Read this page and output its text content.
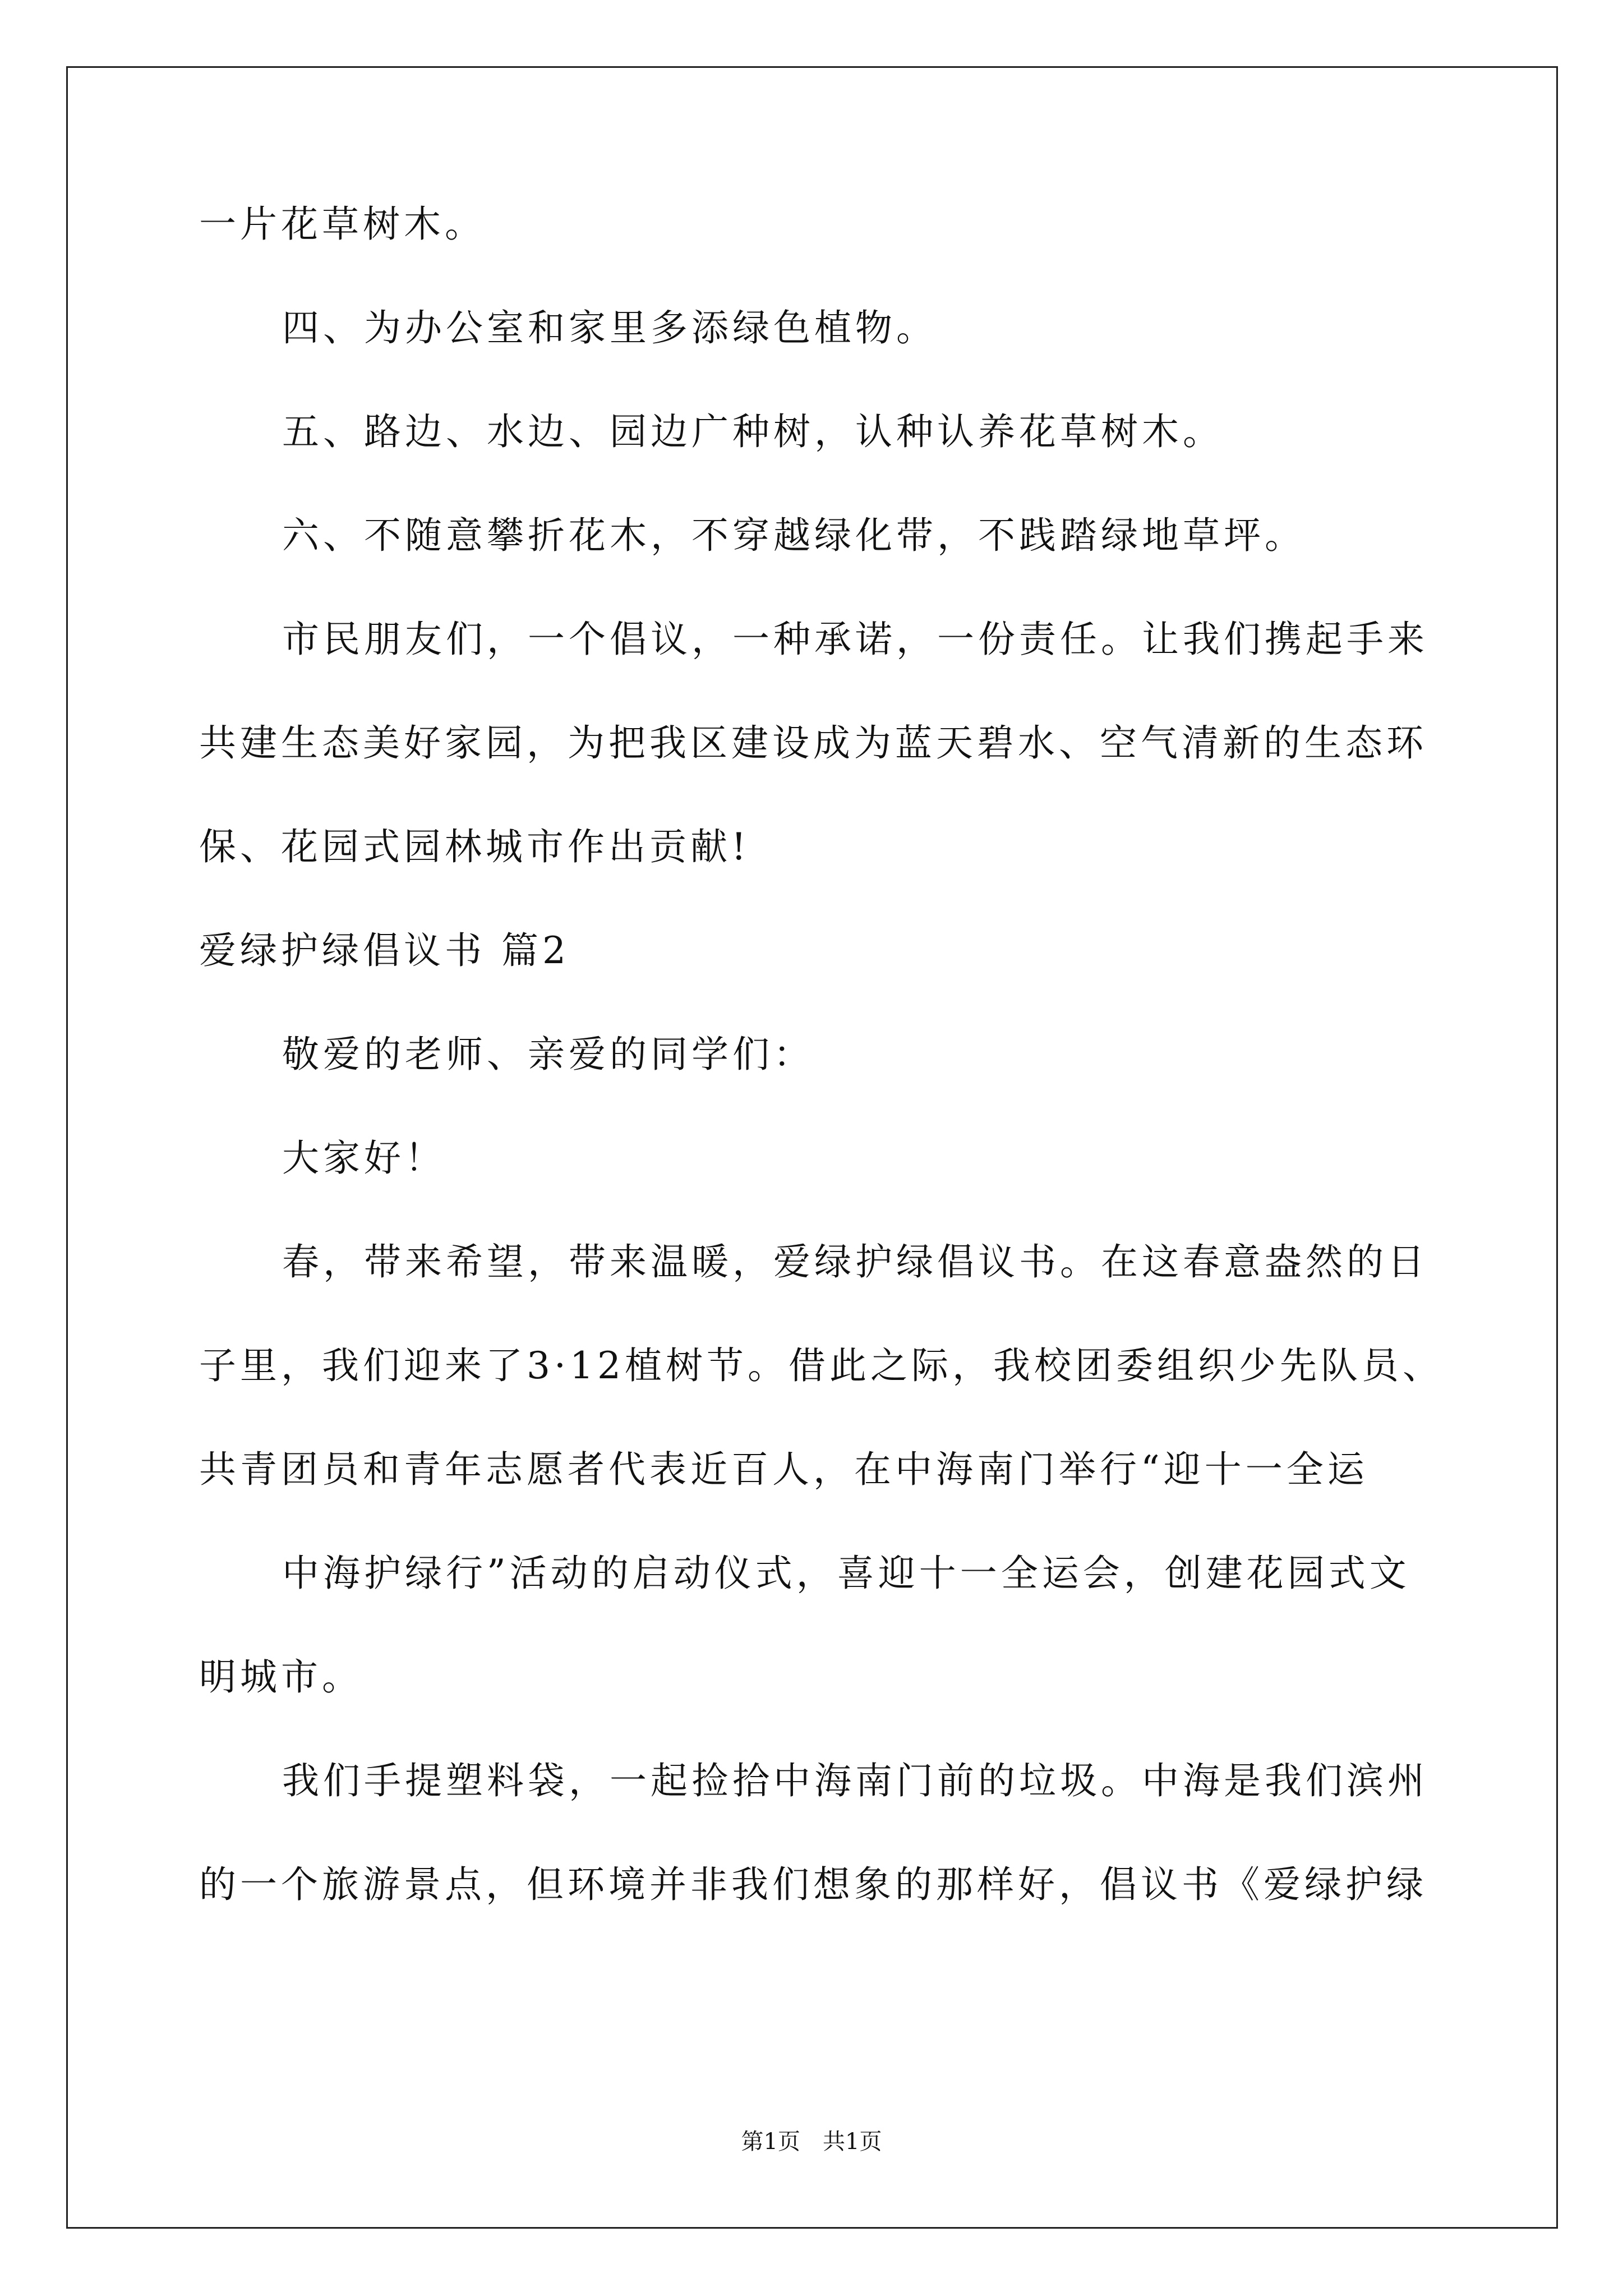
一片花草树木。
四、为办公室和家里多添绿色植物。
五、路边、水边、园边广种树，认种认养花草树木。
六、不随意攀折花木，不穿越绿化带，不践踏绿地草坪。
市民朋友们，一个倡议，一种承诺，一份责任。让我们携起手来
共建生态美好家园，为把我区建设成为蓝天碧水、空气清新的生态环
保、花园式园林城市作出贡献!
爱绿护绿倡议书 篇2
敬爱的老师、亲爱的同学们：
大家好！
春，带来希望，带来温暖，爱绿护绿倡议书。在这春意盎然的日
子里，我们迎来了3·12植树节。借此之际，我校团委组织少先队员、
共青团员和青年志愿者代表近百人，在中海南门举行“迎十一全运
中海护绿行”活动的启动仪式，喜迎十一全运会，创建花园式文
明城市。
我们手提塑料袋，一起捡拾中海南门前的垃圾。中海是我们滨州
的一个旅游景点，但环境并非我们想象的那样好，倡议书《爱绿护绿
第1页　共1页
